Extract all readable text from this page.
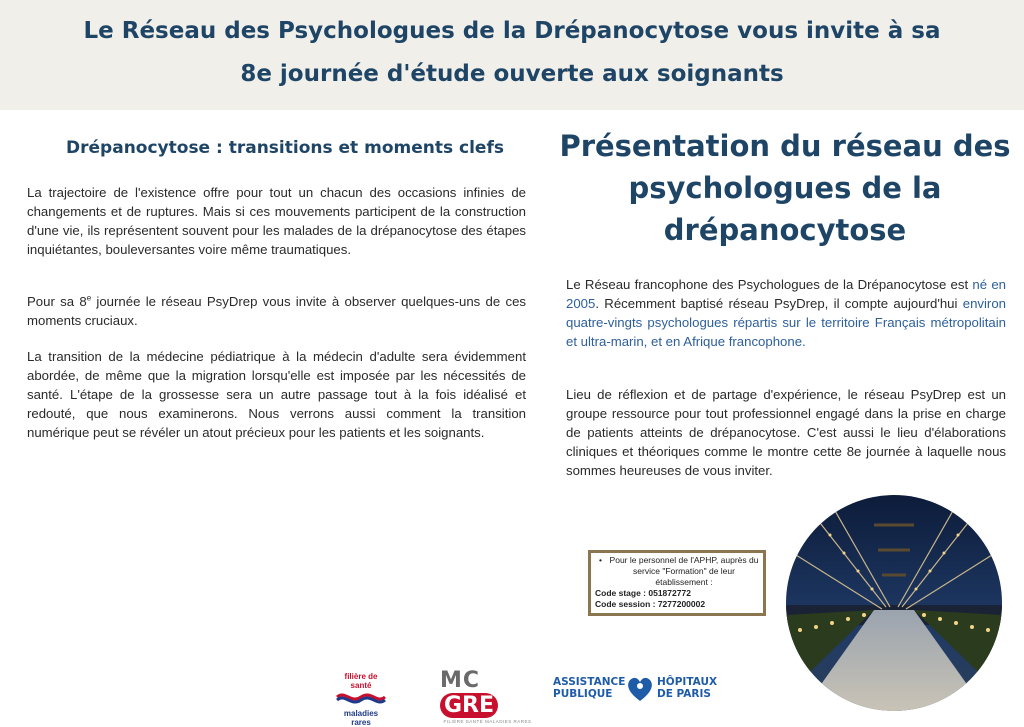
Le Réseau des Psychologues de la Drépanocytose vous invite à sa
8e journée d'étude ouverte aux soignants
Drépanocytose : transitions et moments clefs
La trajectoire de l'existence offre pour tout un chacun des occasions infinies de changements et de ruptures. Mais si ces mouvements participent de la construction d'une vie, ils représentent souvent pour les malades de la drépanocytose des étapes inquiétantes, bouleversantes voire même traumatiques.
Pour sa 8e journée le réseau PsyDrep vous invite à observer quelques-uns de ces moments cruciaux.
La transition de la médecine pédiatrique à la médecin d'adulte sera évidemment abordée, de même que la migration lorsqu'elle est imposée par les nécessités de santé. L'étape de la grossesse sera un autre passage tout à la fois idéalisé et redouté, que nous examinerons. Nous verrons aussi comment la transition numérique peut se révéler un atout précieux pour les patients et les soignants.
Présentation du réseau des psychologues de la drépanocytose
Le Réseau francophone des Psychologues de la Drépanocytose est né en 2005. Récemment baptisé réseau PsyDrep, il compte aujourd'hui environ quatre-vingts psychologues répartis sur le territoire Français métropolitain et ultra-marin, et en Afrique francophone.
Lieu de réflexion et de partage d'expérience, le réseau PsyDrep est un groupe ressource pour tout professionnel engagé dans la prise en charge de patients atteints de drépanocytose. C'est aussi le lieu d'élaborations cliniques et théoriques comme le montre cette 8e journée à laquelle nous sommes heureuses de vous inviter.
• Pour le personnel de l'APHP, auprès du service "Formation" de leur établissement :
Code stage : 051872772
Code session : 7277200002
filière de santé
maladies rares
MCGRE
FILIÈRE SANTÉ MALADIES RARES
ASSISTANCE
PUBLIQUE
HÔPITAUX
DE PARIS
